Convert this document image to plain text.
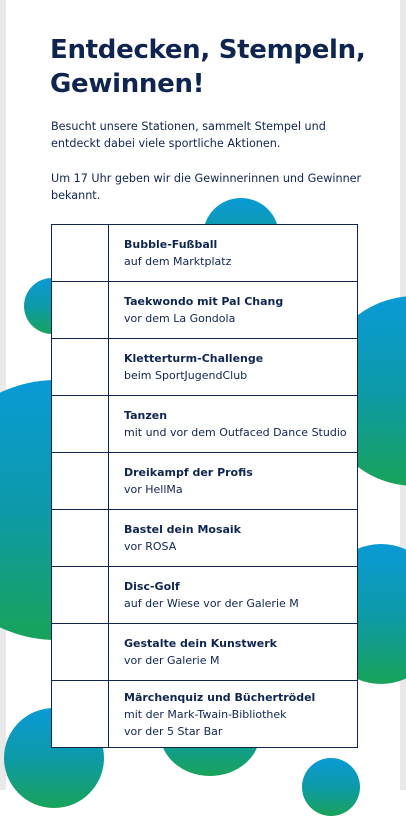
Entdecken, Stempeln,
Gewinnen!

Besucht unsere Stationen, sammelt Stempel und entdeckt dabei viele sportliche Aktionen.

Um 17 Uhr geben wir die Gewinnerinnen und Gewinner bekannt.

	Bubble-Fußball
auf dem Marktplatz

	Taekwondo mit Pal Chang
vor dem La Gondola

	Kletterturm-Challenge
beim SportJugendClub

	Tanzen
mit und vor dem Outfaced Dance Studio

	Dreikampf der Profis
vor HellMa

	Bastel dein Mosaik
vor ROSA

	Disc-Golf
auf der Wiese vor der Galerie M

	Gestalte dein Kunstwerk
vor der Galerie M

	Märchenquiz und Büchertrödel
mit der Mark-Twain-Bibliothek
vor der 5 Star Bar
